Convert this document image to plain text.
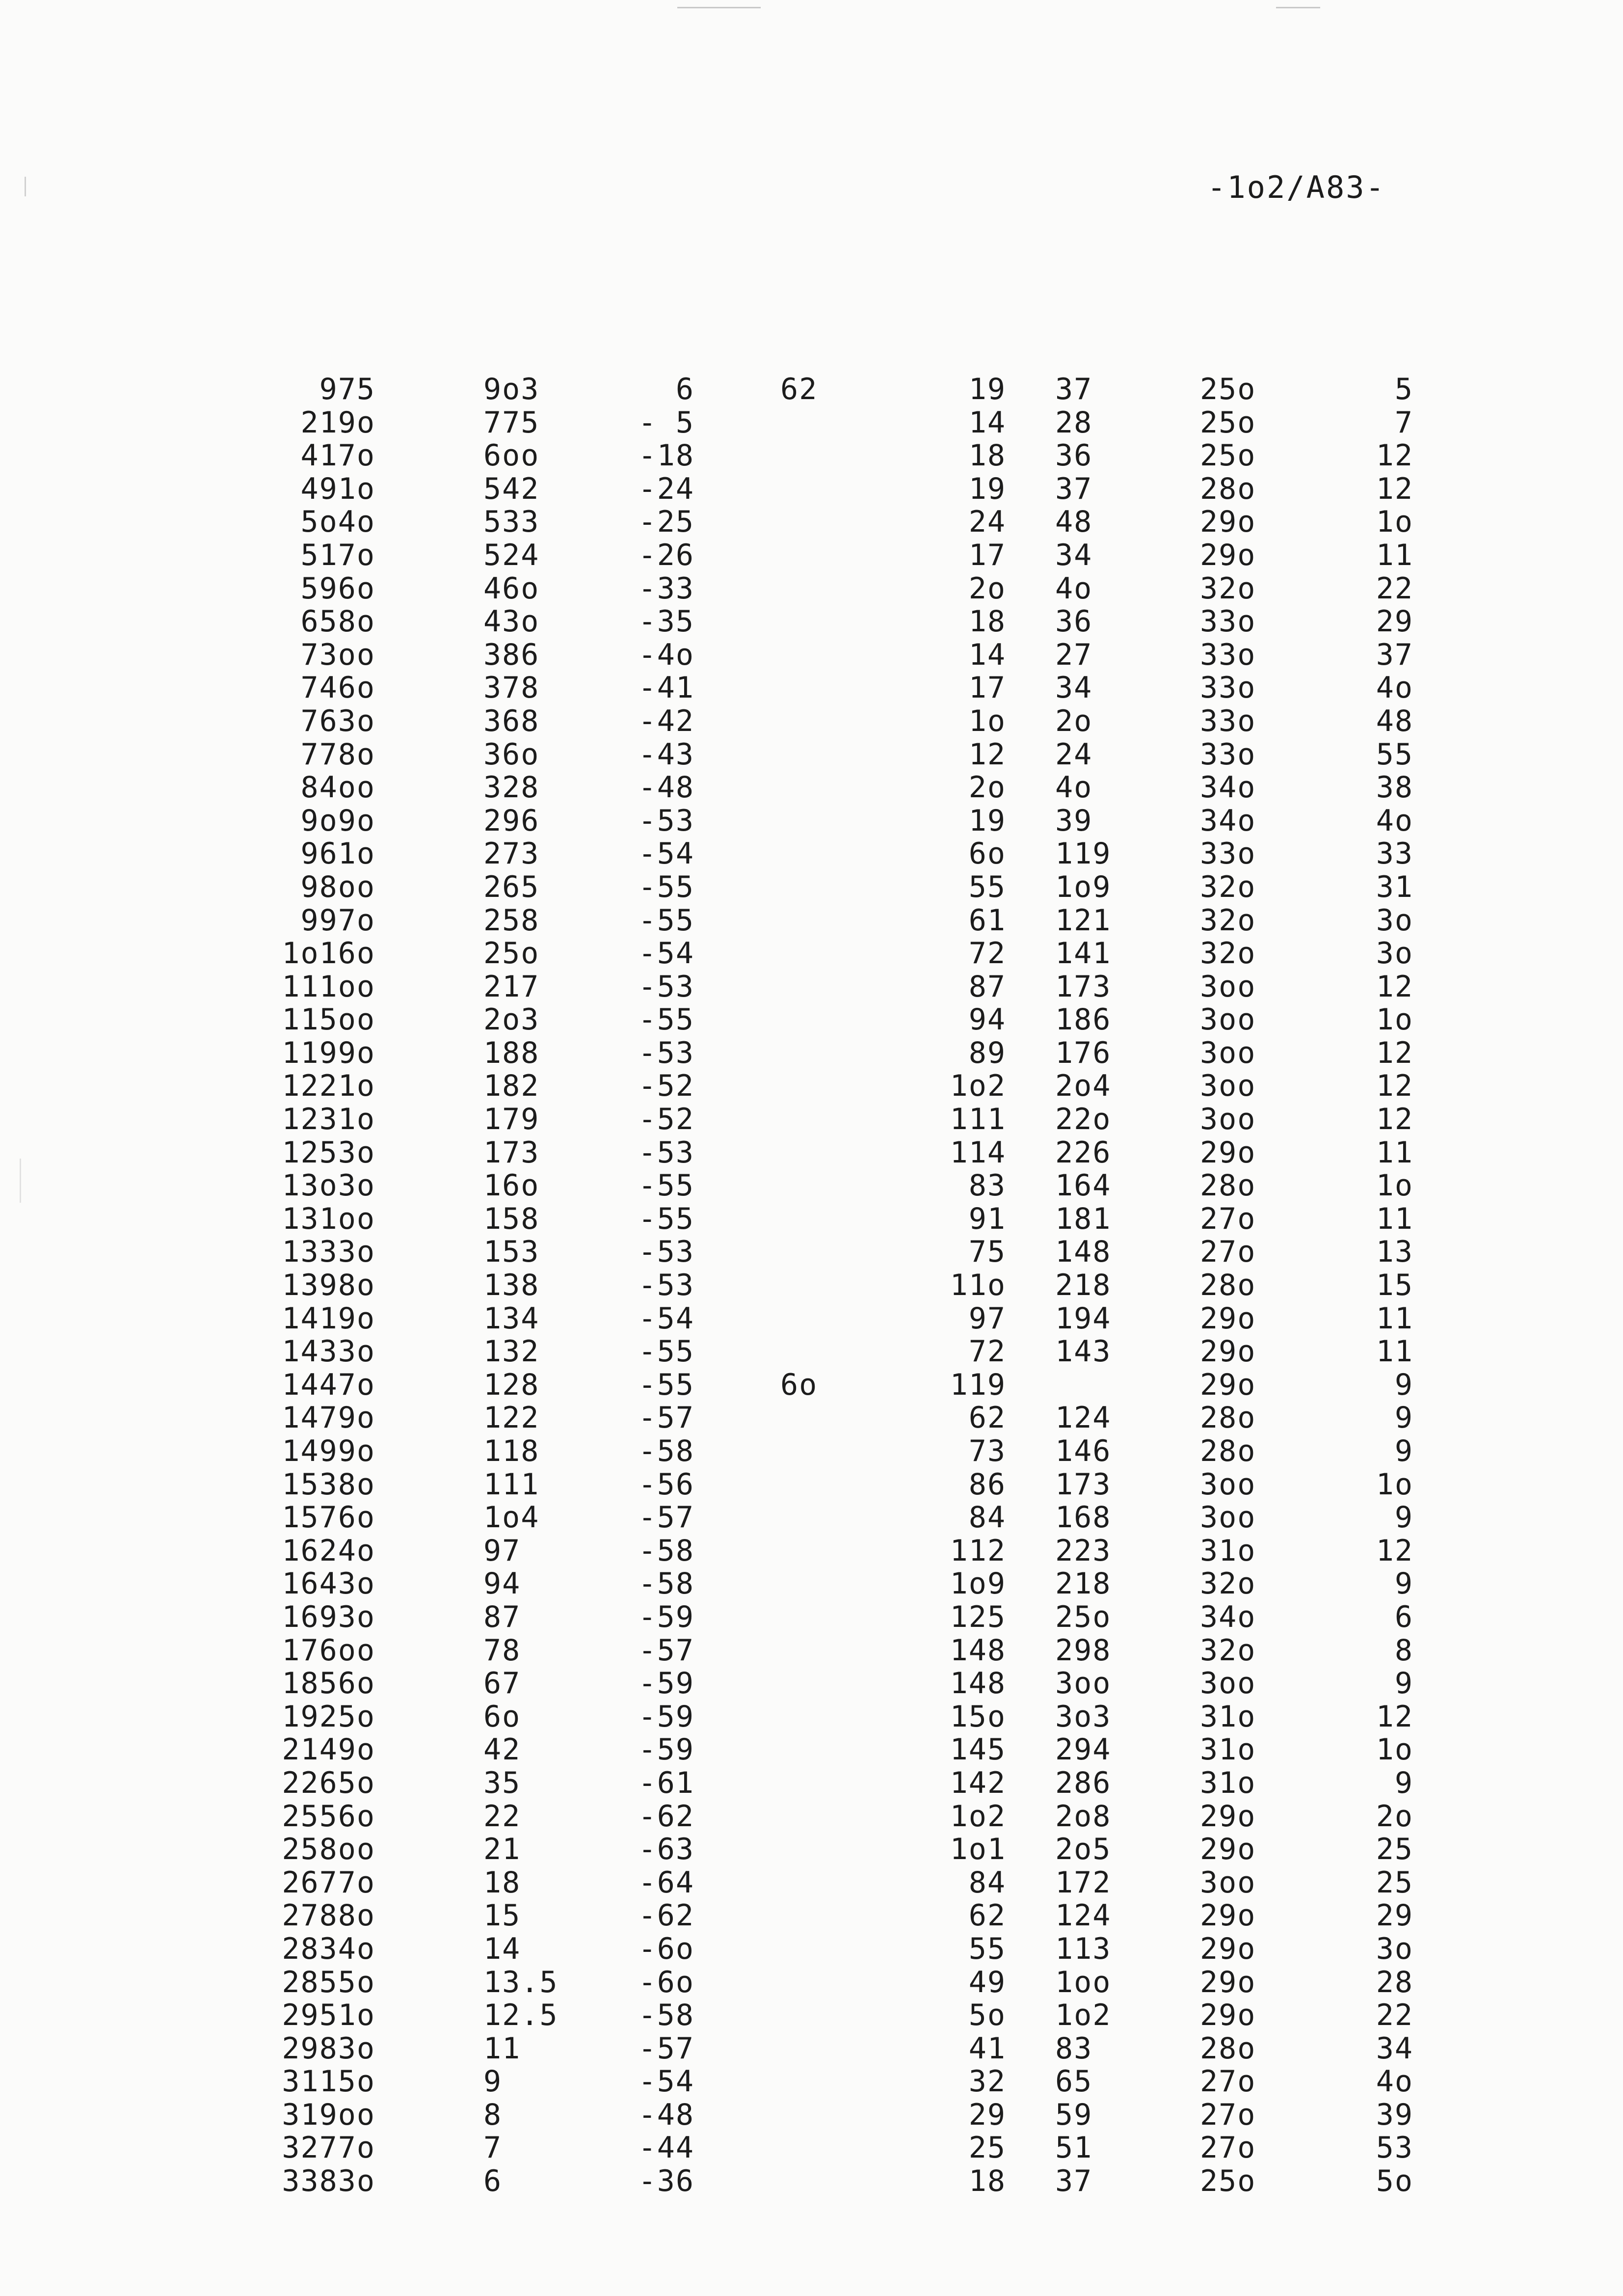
-1o2/A83-
975
219o
417o
491o
5o4o
517o
596o
658o
73oo
746o
763o
778o
84oo
9o9o
961o
98oo
997o
1o16o
111oo
115oo
1199o
1221o
1231o
1253o
13o3o
131oo
1333o
1398o
1419o
1433o
1447o
1479o
1499o
1538o
1576o
1624o
1643o
1693o
176oo
1856o
1925o
2149o
2265o
2556o
258oo
2677o
2788o
2834o
2855o
2951o
2983o
3115o
319oo
3277o
3383o
9o3
775
6oo
542
533
524
46o
43o
386
378
368
36o
328
296
273
265
258
25o
217
2o3
188
182
179
173
16o
158
153
138
134
132
128
122
118
111
1o4
97
94
87
78
67
6o
42
35
22
21
18
15
14
13.5
12.5
11
9
8
7
6
6
- 5
-18
-24
-25
-26
-33
-35
-4o
-41
-42
-43
-48
-53
-54
-55
-55
-54
-53
-55
-53
-52
-52
-53
-55
-55
-53
-53
-54
-55
-55
-57
-58
-56
-57
-58
-58
-59
-57
-59
-59
-59
-61
-62
-63
-64
-62
-6o
-6o
-58
-57
-54
-48
-44
-36
62
6o
19
14
18
19
24
17
2o
18
14
17
1o
12
2o
19
6o
55
61
72
87
94
89
1o2
111
114
83
91
75
11o
97
72
119
62
73
86
84
112
1o9
125
148
148
15o
145
142
1o2
1o1
84
62
55
49
5o
41
32
29
25
18
37
28
36
37
48
34
4o
36
27
34
2o
24
4o
39
119
1o9
121
141
173
186
176
2o4
22o
226
164
181
148
218
194
143
124
146
173
168
223
218
25o
298
3oo
3o3
294
286
2o8
2o5
172
124
113
1oo
1o2
83
65
59
51
37
25o
25o
25o
28o
29o
29o
32o
33o
33o
33o
33o
33o
34o
34o
33o
32o
32o
32o
3oo
3oo
3oo
3oo
3oo
29o
28o
27o
27o
28o
29o
29o
29o
28o
28o
3oo
3oo
31o
32o
34o
32o
3oo
31o
31o
31o
29o
29o
3oo
29o
29o
29o
29o
28o
27o
27o
27o
25o
5
7
12
12
1o
11
22
29
37
4o
48
55
38
4o
33
31
3o
3o
12
1o
12
12
12
11
1o
11
13
15
11
11
9
9
9
1o
9
12
9
6
8
9
12
1o
9
2o
25
25
29
3o
28
22
34
4o
39
53
5o
